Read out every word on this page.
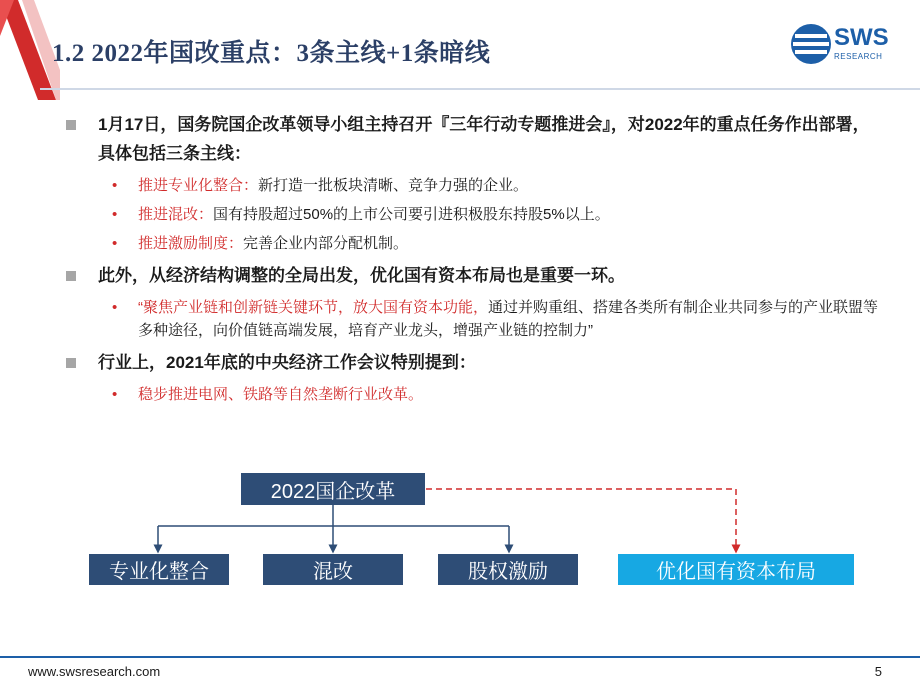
1.2 2022年国改重点：3条主线+1条暗线
SWS
RESEARCH
1月17日，国务院国企改革领导小组主持召开『三年行动专题推进会』，对2022年的重点任务作出部署，具体包括三条主线：
• 推进专业化整合：新打造一批板块清晰、竞争力强的企业。
• 推进混改：国有持股超过50%的上市公司要引进积极股东持股5%以上。
• 推进激励制度：完善企业内部分配机制。
此外，从经济结构调整的全局出发，优化国有资本布局也是重要一环。
• “聚焦产业链和创新链关键环节，放大国有资本功能，通过并购重组、搭建各类所有制企业共同参与的产业联盟等多种途径，向价值链高端发展，培育产业龙头，增强产业链的控制力”
行业上，2021年底的中央经济工作会议特别提到：
• 稳步推进电网、铁路等自然垄断行业改革。
2022国企改革
专业化整合	混改	股权激励	优化国有资本布局
www.swsresearch.com	5
